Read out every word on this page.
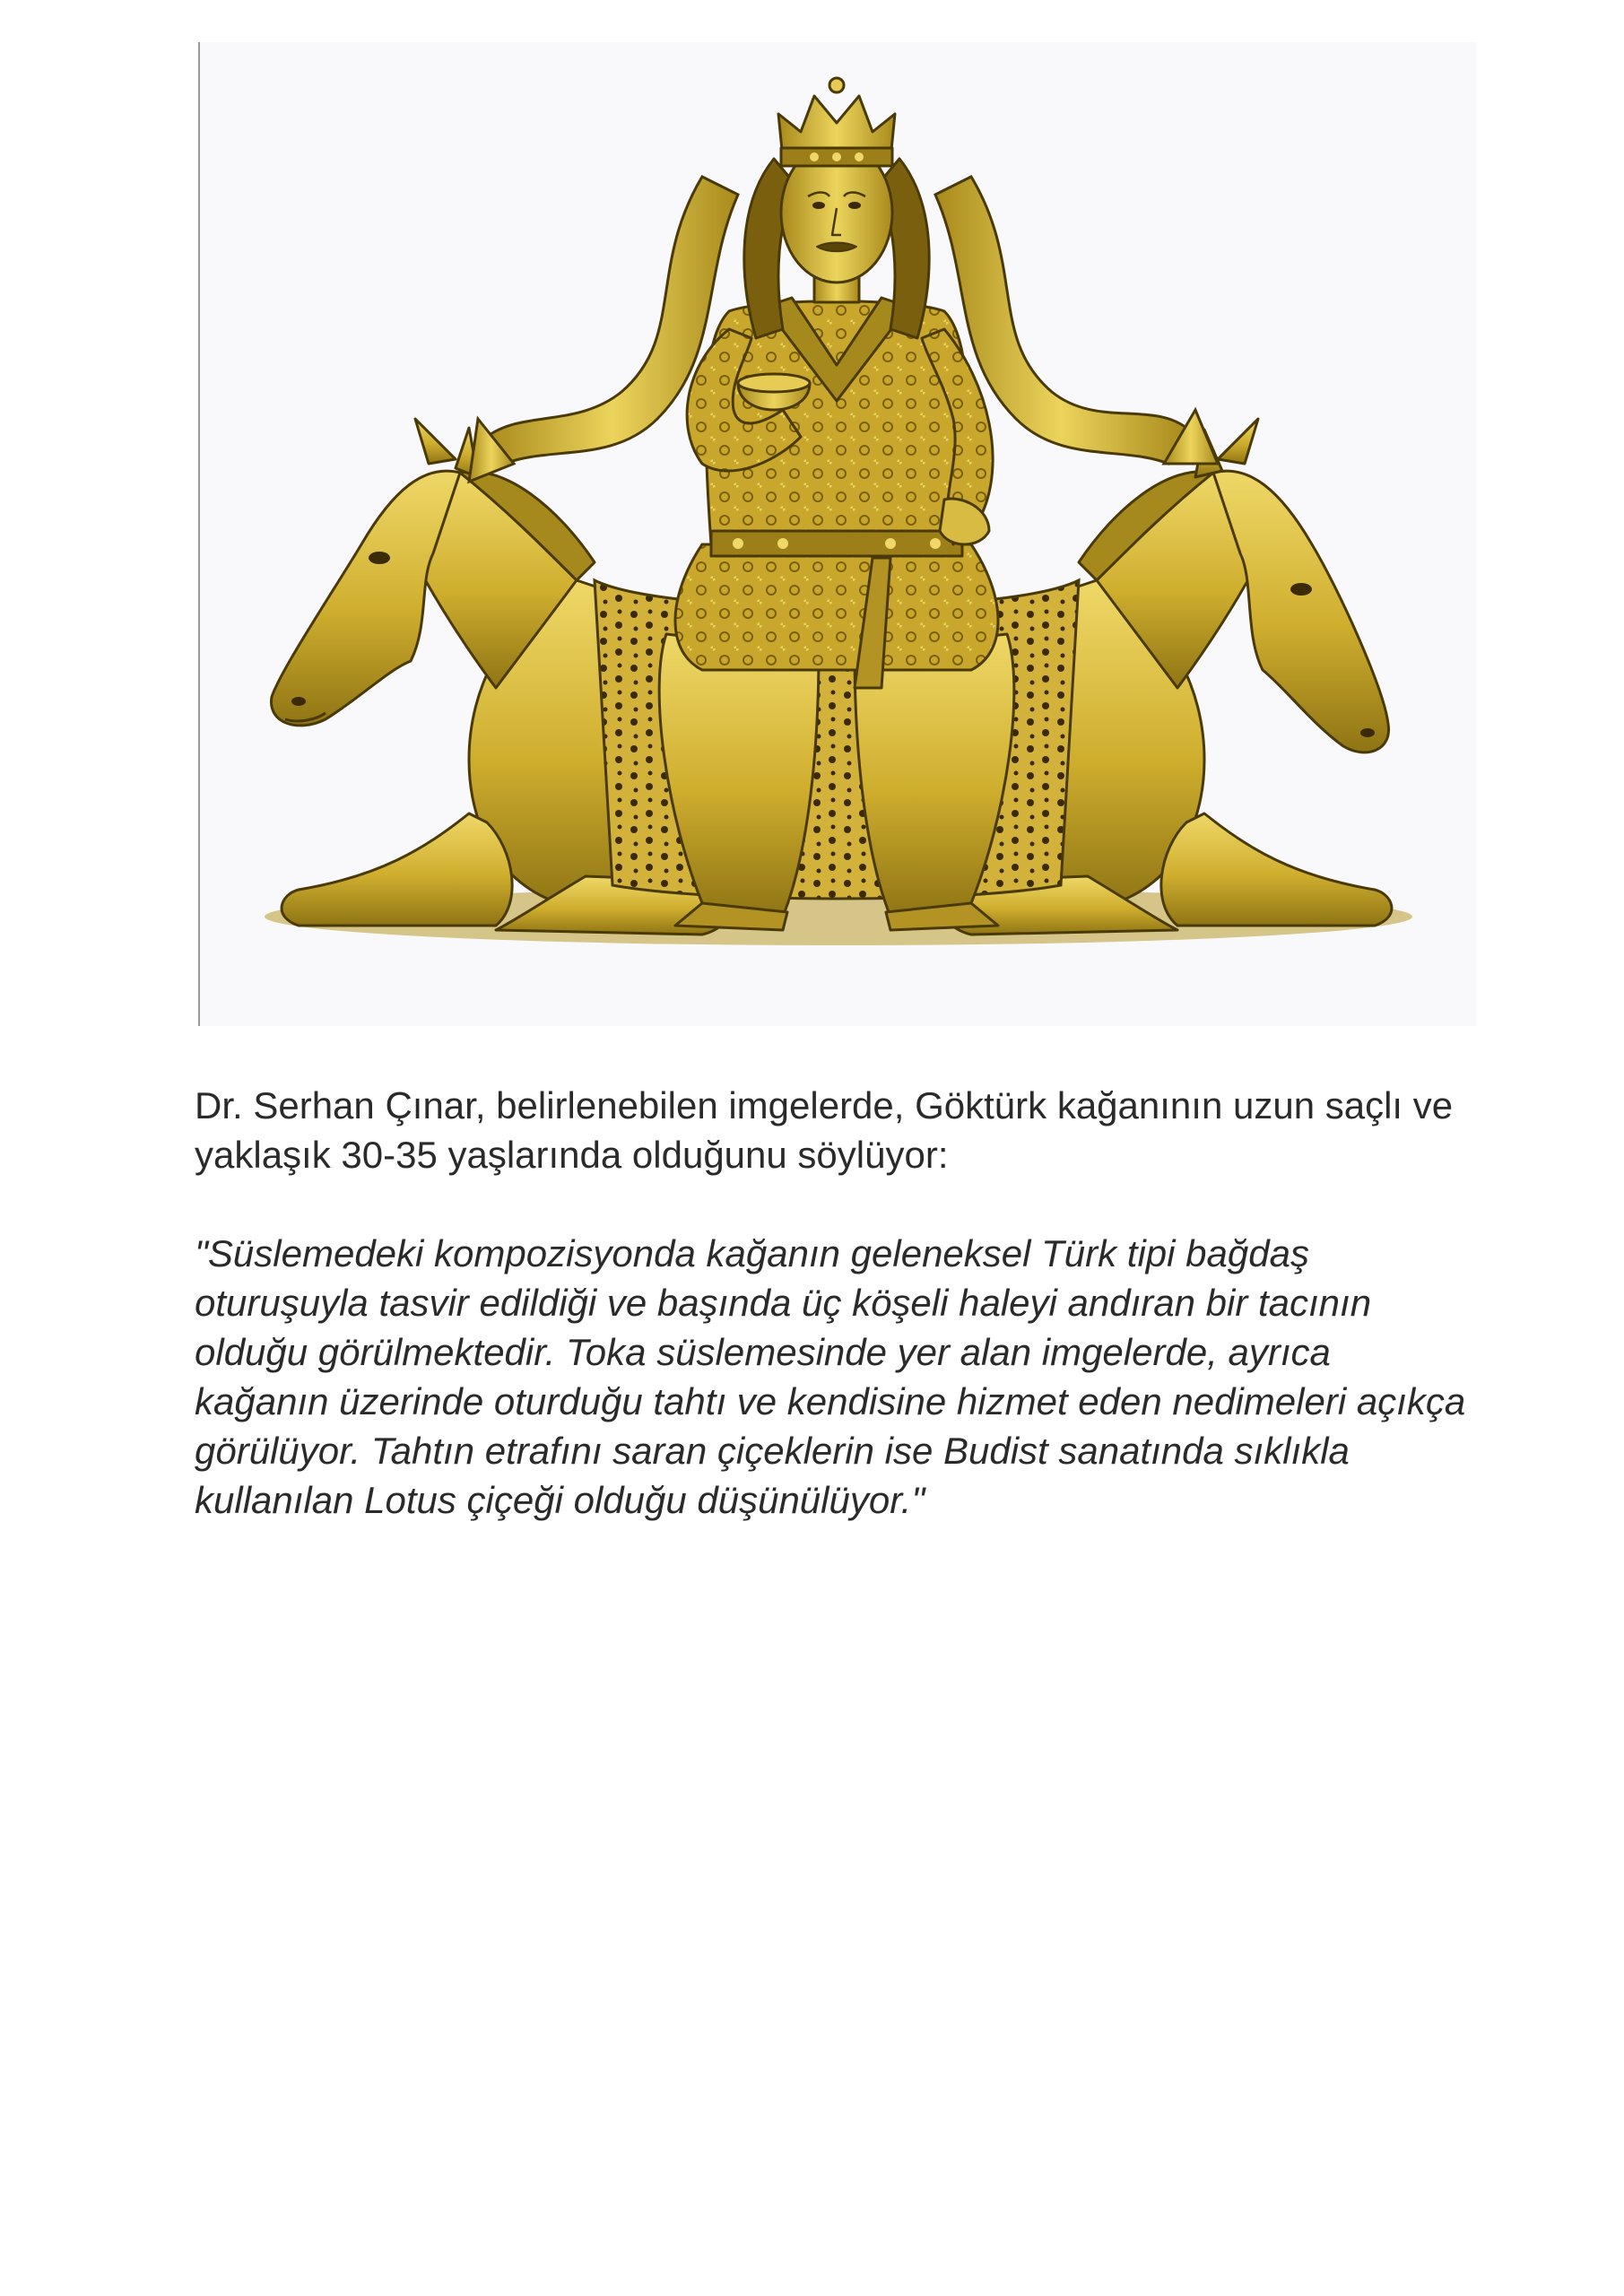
Dr. Serhan Çınar, belirlenebilen imgelerde, Göktürk kağanının uzun saçlı ve yaklaşık 30-35 yaşlarında olduğunu söylüyor:

"Süslemedeki kompozisyonda kağanın geleneksel Türk tipi bağdaş oturuşuyla tasvir edildiği ve başında üç köşeli haleyi andıran bir tacının olduğu görülmektedir. Toka süslemesinde yer alan imgelerde, ayrıca kağanın üzerinde oturduğu tahtı ve kendisine hizmet eden nedimeleri açıkça görülüyor. Tahtın etrafını saran çiçeklerin ise Budist sanatında sıklıkla kullanılan Lotus çiçeği olduğu düşünülüyor."
